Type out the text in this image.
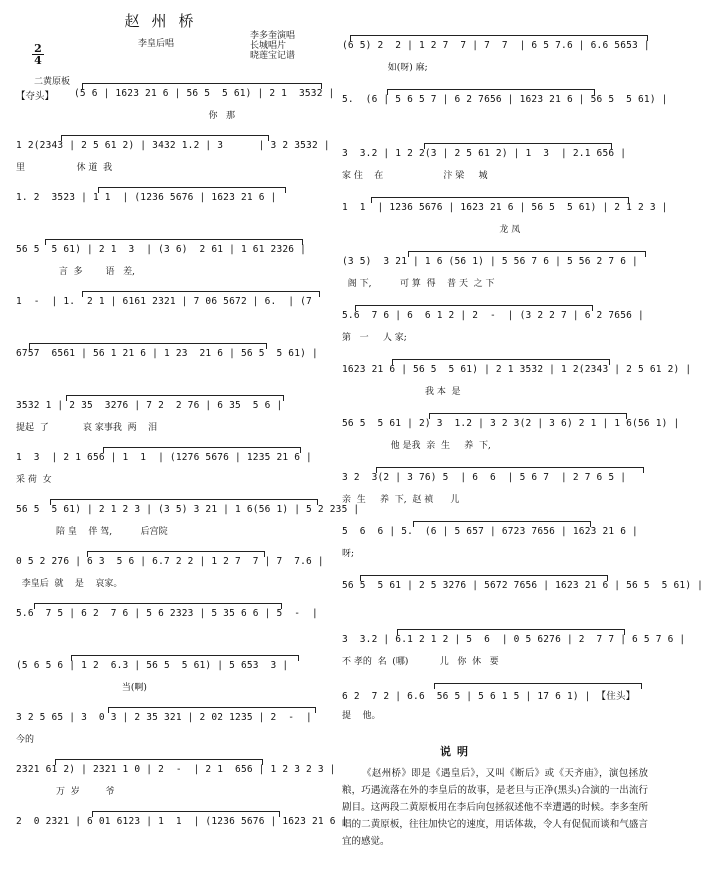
赵州桥
李皇后唱
李多奎演唱
长城唱片
晓莲宝记谱
2
4
二黄原板
【夺头】 (5 6 | 1623 21 6 | 56 5  5 61) | 2 1  3532 |
你   那
1 2(2343 | 2 5 61 2) | 3432 1.2 | 3      | 3 2 3532 |
里                  休 道  我
1. 2  3523 | 1 1  | (1236 5676 | 1623 21 6 |
56 5  5 61) | 2 1  3  | (3 6)  2 61 | 1 61 2326 |
言  多        语   差,
1  -  | 1.  2 1 | 6161 2321 | 7 06 5672 | 6.  | (7
6757  6561 | 56 1 21 6 | 1 23  21 6 | 56 5  5 61) |
3532 1 | 2 35  3276 | 7 2  2 76 | 6 35  5 6 |
提起  了            哀 家事我  两    泪
1  3  | 2 1 656 | 1  1  | (1276 5676 | 1235 21 6 |
采 荷  女
56 5  5 61) | 2 1 2 3 | (3 5) 3 21 | 1 6(56 1) | 5 2 235 |
陪 皇    伴 驾,          后宫院
0 5 2 276 | 6 3  5 6 | 6.7 2 2 | 1 2 7  7 | 7  7.6 |
李皇后  就    是    哀家。
5.6  7 5 | 6 2  7 6 | 5 6 2323 | 5 35 6 6 | 5  -  |
(5 6 5 6 | 1 2  6.3 | 56 5  5 61) | 5 653  3 |
当(啊)
3 2 5 65 | 3  0 3 | 2 35 321 | 2 02 1235 | 2  -  |
今的
2321 61 2) | 2321 1 0 | 2  -  | 2 1  656 | 1 2 3 2 3 |
万  岁         爷
2  0 2321 | 6 01 6123 | 1  1  | (1236 5676 | 1623 21 6 |
(6 5) 2  2 | 1 2 7  7 | 7  7  | 6 5 7.6 | 6.6 5653 |
如(呀) 麻;
5.  (6 | 5 6 5 7 | 6 2 7656 | 1623 21 6 | 56 5  5 61) |
3  3.2 | 1 2 2(3 | 2 5 61 2) | 1  3  | 2.1 656 |
家 住    在                     汴 梁     城
1  1  | 1236 5676 | 1623 21 6 | 56 5  5 61) | 2 1 2 3 |
龙 凤
(3 5)  3 21 | 1 6 (56 1) | 5 56 7 6 | 5 56 2 7 6 |
阁 下,          可 算  得    普 天  之 下
5.6  7 6 | 6  6 1 2 | 2  -  | (3 2 2 7 | 6 2 7656 |
第   一     人 家;
1623 21 6 | 56 5  5 61) | 2 1 3532 | 1 2(2343 | 2 5 61 2) |
我 本  是
56 5  5 61 | 2) 3  1.2 | 3 2 3(2 | 3 6) 2 1 | 1 6(56 1) |
他 是我  亲  生     养  下,
3 2  3(2 | 3 76) 5  | 6  6  | 5 6 7  | 2 7 6 5 |
亲  生     养  下,  赵 祯      儿
5  6  6 | 5.  (6 | 5 657 | 6723 7656 | 1623 21 6 |
呀;
56 5  5 61 | 2 5 3276 | 5672 7656 | 1623 21 6 | 56 5  5 61) |
3  3.2 | 6.1 2 1 2 | 5  6  | 0 5 6276 | 2  7 7 | 6 5 7 6 |
不 孝的  名  (哪)           儿   你  休   要
6 2  7 2 | 6.6  56 5 | 5 6 1 5 | 17 6 1) | 【住头】
提    他。
说明
《赵州桥》即是《遇皇后》，又叫《断后》或《天齐庙》，演包拯放粮，巧遇流落在外的李皇后的故事，是老旦与正净(黑头)合演的一出流行剧目。这两段二黄原板用在李后向包拯叙述他不幸遭遇的时候。李多奎所唱的二黄原板，往往加快它的速度，用话体裁，令人有促侃而谈和气盛言宜的感觉。
